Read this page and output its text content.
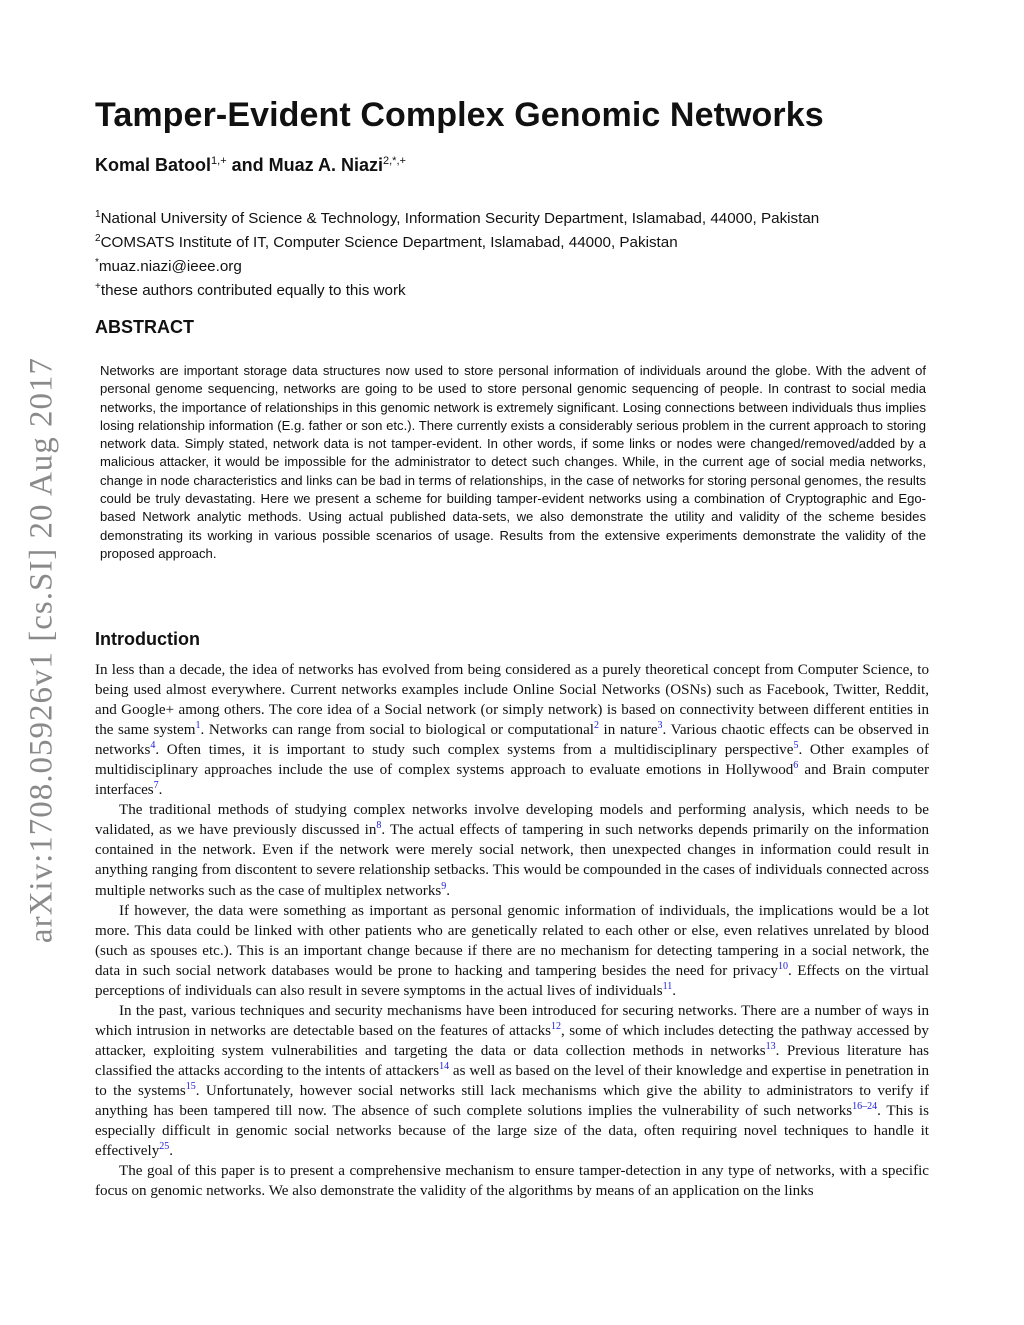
arXiv:1708.05926v1 [cs.SI] 20 Aug 2017
Tamper-Evident Complex Genomic Networks
Komal Batool$^{1,+}$ and Muaz A. Niazi$^{2,*,+}$
$^1$National University of Science & Technology, Information Security Department, Islamabad, 44000, Pakistan
$^2$COMSATS Institute of IT, Computer Science Department, Islamabad, 44000, Pakistan
*muaz.niazi@ieee.org
+these authors contributed equally to this work
ABSTRACT

Networks are important storage data structures now used to store personal information of individuals around the globe. With the advent of personal genome sequencing, networks are going to be used to store personal genomic sequencing of people. In contrast to social media networks, the importance of relationships in this genomic network is extremely significant. Losing connections between individuals thus implies losing relationship information (E.g. father or son etc.). There currently exists a considerably serious problem in the current approach to storing network data. Simply stated, network data is not tamper-evident. In other words, if some links or nodes were changed/removed/added by a malicious attacker, it would be impossible for the administrator to detect such changes. While, in the current age of social media networks, change in node characteristics and links can be bad in terms of relationships, in the case of networks for storing personal genomes, the results could be truly devastating. Here we present a scheme for building tamper-evident networks using a combination of Cryptographic and Ego-based Network analytic methods. Using actual published data-sets, we also demonstrate the utility and validity of the scheme besides demonstrating its working in various possible scenarios of usage. Results from the extensive experiments demonstrate the validity of the proposed approach.

Introduction

In less than a decade, the idea of networks has evolved from being considered as a purely theoretical concept from Computer Science, to being used almost everywhere. Current networks examples include Online Social Networks (OSNs) such as Facebook, Twitter, Reddit, and Google+ among others. The core idea of a Social network (or simply network) is based on connectivity between different entities in the same system$^1$. Networks can range from social to biological or computational$^2$ in nature$^3$. Various chaotic effects can be observed in networks$^4$. Often times, it is important to study such complex systems from a multidisciplinary perspective$^5$. Other examples of multidisciplinary approaches include the use of complex systems approach to evaluate emotions in Hollywood$^6$ and Brain computer interfaces$^7$.

The traditional methods of studying complex networks involve developing models and performing analysis, which needs to be validated, as we have previously discussed in$^8$. The actual effects of tampering in such networks depends primarily on the information contained in the network. Even if the network were merely social network, then unexpected changes in information could result in anything ranging from discontent to severe relationship setbacks. This would be compounded in the cases of individuals connected across multiple networks such as the case of multiplex networks$^9$.

If however, the data were something as important as personal genomic information of individuals, the implications would be a lot more. This data could be linked with other patients who are genetically related to each other or else, even relatives unrelated by blood (such as spouses etc.). This is an important change because if there are no mechanism for detecting tampering in a social network, the data in such social network databases would be prone to hacking and tampering besides the need for privacy$^{10}$. Effects on the virtual perceptions of individuals can also result in severe symptoms in the actual lives of individuals$^{11}$.

In the past, various techniques and security mechanisms have been introduced for securing networks. There are a number of ways in which intrusion in networks are detectable based on the features of attacks$^{12}$, some of which includes detecting the pathway accessed by attacker, exploiting system vulnerabilities and targeting the data or data collection methods in networks$^{13}$. Previous literature has classified the attacks according to the intents of attackers$^{14}$ as well as based on the level of their knowledge and expertise in penetration in to the systems$^{15}$. Unfortunately, however social networks still lack mechanisms which give the ability to administrators to verify if anything has been tampered till now. The absence of such complete solutions implies the vulnerability of such networks$^{16-24}$. This is especially difficult in genomic social networks because of the large size of the data, often requiring novel techniques to handle it effectively$^{25}$.

The goal of this paper is to present a comprehensive mechanism to ensure tamper-detection in any type of networks, with a specific focus on genomic networks. We also demonstrate the validity of the algorithms by means of an application on the links
